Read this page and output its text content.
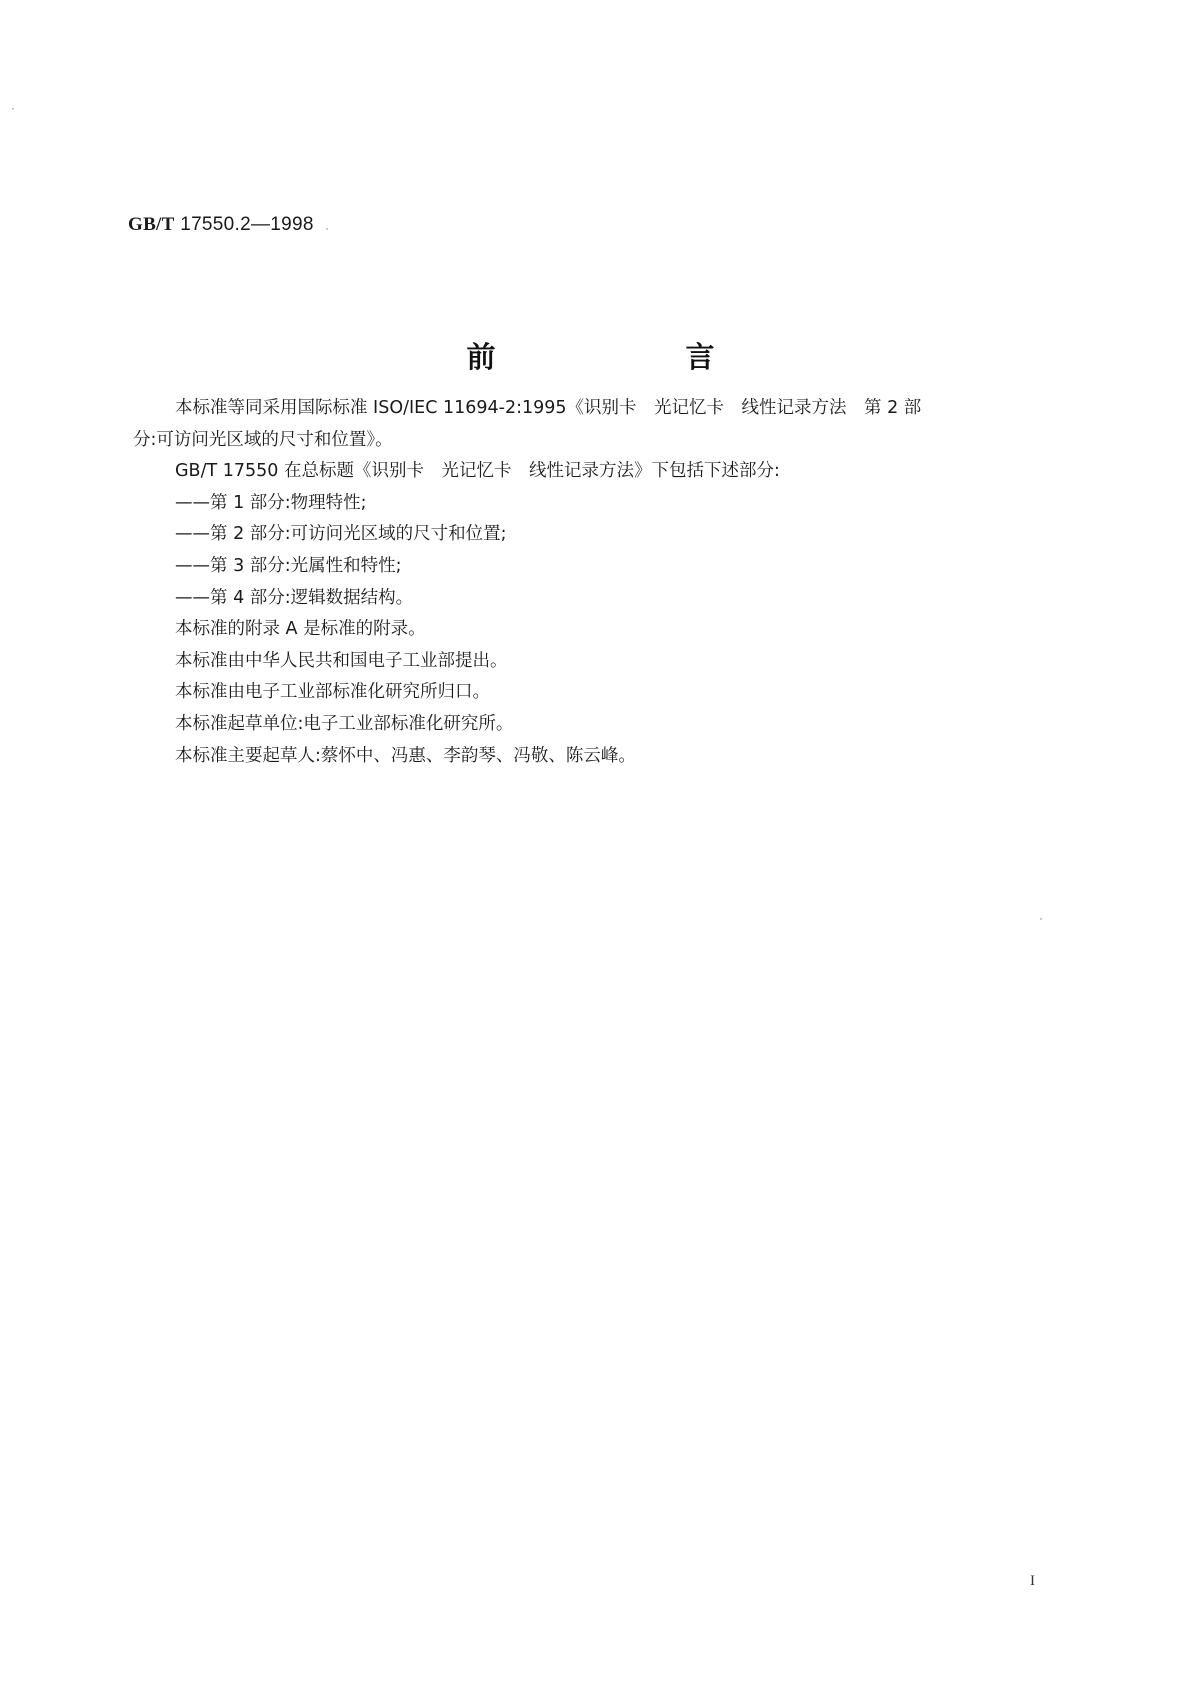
GB/T 17550.2—1998
前 言

本标准等同采用国际标准 ISO/IEC 11694-2:1995《识别卡　光记忆卡　线性记录方法　第 2 部

分:可访问光区域的尺寸和位置》。

GB/T 17550 在总标题《识别卡　光记忆卡　线性记录方法》下包括下述部分:

——第 1 部分:物理特性;

——第 2 部分:可访问光区域的尺寸和位置;

——第 3 部分:光属性和特性;

——第 4 部分:逻辑数据结构。

本标准的附录 A 是标准的附录。

本标准由中华人民共和国电子工业部提出。

本标准由电子工业部标准化研究所归口。

本标准起草单位:电子工业部标准化研究所。

本标准主要起草人:蔡怀中、冯惠、李韵琴、冯敬、陈云峰。

I
